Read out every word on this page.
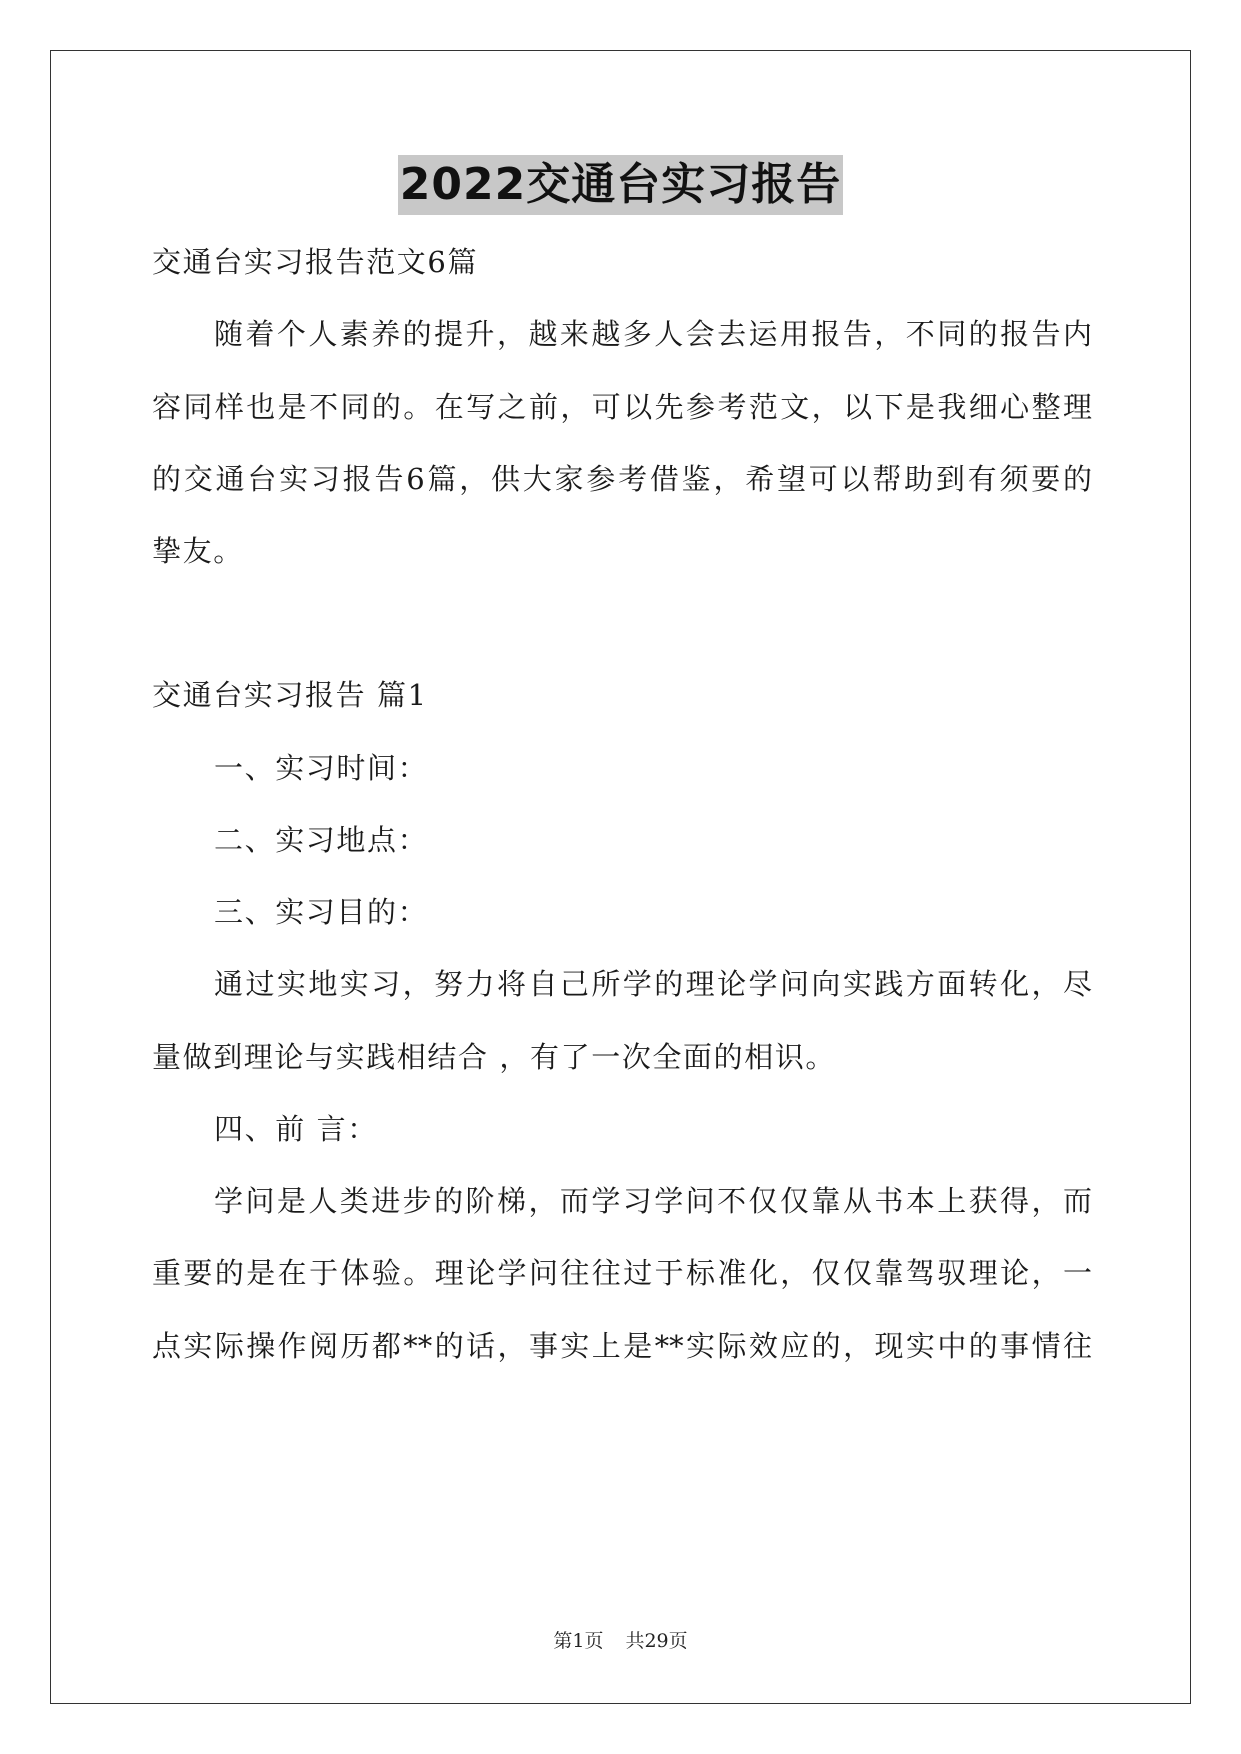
2022交通台实习报告
交通台实习报告范文6篇
随着个人素养的提升，越来越多人会去运用报告，不同的报告内
容同样也是不同的。在写之前，可以先参考范文，以下是我细心整理
的交通台实习报告6篇，供大家参考借鉴，希望可以帮助到有须要的
挚友。
交通台实习报告 篇1
一、实习时间：
二、实习地点：
三、实习目的：
通过实地实习，努力将自己所学的理论学问向实践方面转化，尽
量做到理论与实践相结合 ，有了一次全面的相识。
四、前 言：
学问是人类进步的阶梯，而学习学问不仅仅靠从书本上获得，而
重要的是在于体验。理论学问往往过于标准化，仅仅靠驾驭理论，一
点实际操作阅历都**的话，事实上是**实际效应的，现实中的事情往
第1页 共29页
